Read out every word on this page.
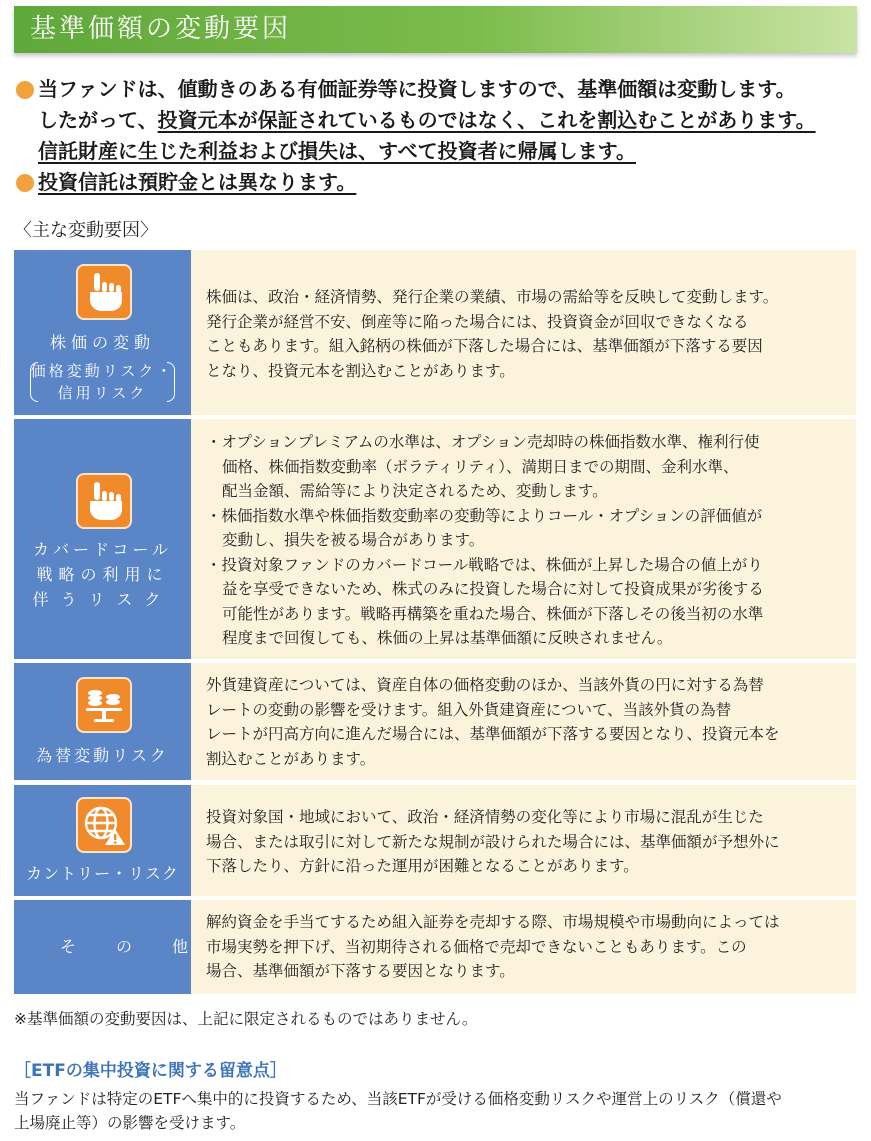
基準価額の変動要因
当ファンドは、値動きのある有価証券等に投資しますので、基準価額は変動します。
したがって、投資元本が保証されているものではなく、これを割込むことがあります。
信託財産に生じた利益および損失は、すべて投資者に帰属します。
投資信託は預貯金とは異なります。
〈主な変動要因〉
株価の変動
価格変動リスク・
信用リスク
株価は、政治・経済情勢、発行企業の業績、市場の需給等を反映して変動します。
発行企業が経営不安、倒産等に陥った場合には、投資資金が回収できなくなる
こともあります。組入銘柄の株価が下落した場合には、基準価額が下落する要因
となり、投資元本を割込むことがあります。
カバードコール
戦略の利用に
伴うリスク
・オプションプレミアムの水準は、オプション売却時の株価指数水準、権利行使
価格、株価指数変動率（ボラティリティ）、満期日までの期間、金利水準、
配当金額、需給等により決定されるため、変動します。
・株価指数水準や株価指数変動率の変動等によりコール・オプションの評価値が
変動し、損失を被る場合があります。
・投資対象ファンドのカバードコール戦略では、株価が上昇した場合の値上がり
益を享受できないため、株式のみに投資した場合に対して投資成果が劣後する
可能性があります。戦略再構築を重ねた場合、株価が下落しその後当初の水準
程度まで回復しても、株価の上昇は基準価額に反映されません。
為替変動リスク
外貨建資産については、資産自体の価格変動のほか、当該外貨の円に対する為替
レートの変動の影響を受けます。組入外貨建資産について、当該外貨の為替
レートが円高方向に進んだ場合には、基準価額が下落する要因となり、投資元本を
割込むことがあります。
カントリー・リスク
投資対象国・地域において、政治・経済情勢の変化等により市場に混乱が生じた
場合、または取引に対して新たな規制が設けられた場合には、基準価額が予想外に
下落したり、方針に沿った運用が困難となることがあります。
その他
解約資金を手当てするため組入証券を売却する際、市場規模や市場動向によっては
市場実勢を押下げ、当初期待される価格で売却できないこともあります。この
場合、基準価額が下落する要因となります。
※基準価額の変動要因は、上記に限定されるものではありません。
［ETFの集中投資に関する留意点］
当ファンドは特定のETFへ集中的に投資するため、当該ETFが受ける価格変動リスクや運営上のリスク（償還や
上場廃止等）の影響を受けます。
